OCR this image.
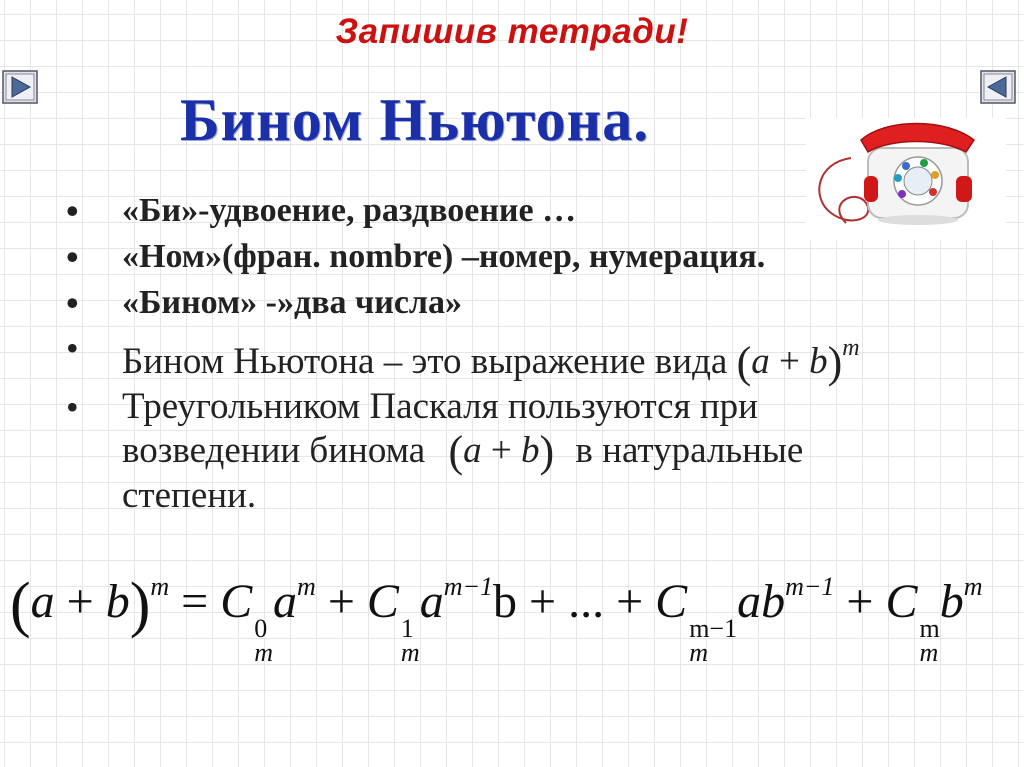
Запишив тетради!
Бином Ньютона.
• «Би»-удвоение, раздвоение …
• «Ном»(фран. nombre) –номер, нумерация.
• «Бином» -»два числа»
• Бином Ньютона – это выражение вида $(a + b)^m$
• Треугольником Паскаля пользуются при
возведении бинома (a + b) в натуральные
степени.
$(a + b)^m = C$
0
m
$a^m + C$
1
m
$a^{m-1}b$ + ... + C
m−1
m
$ab^{m-1} + C$
m
m
$b^m$
